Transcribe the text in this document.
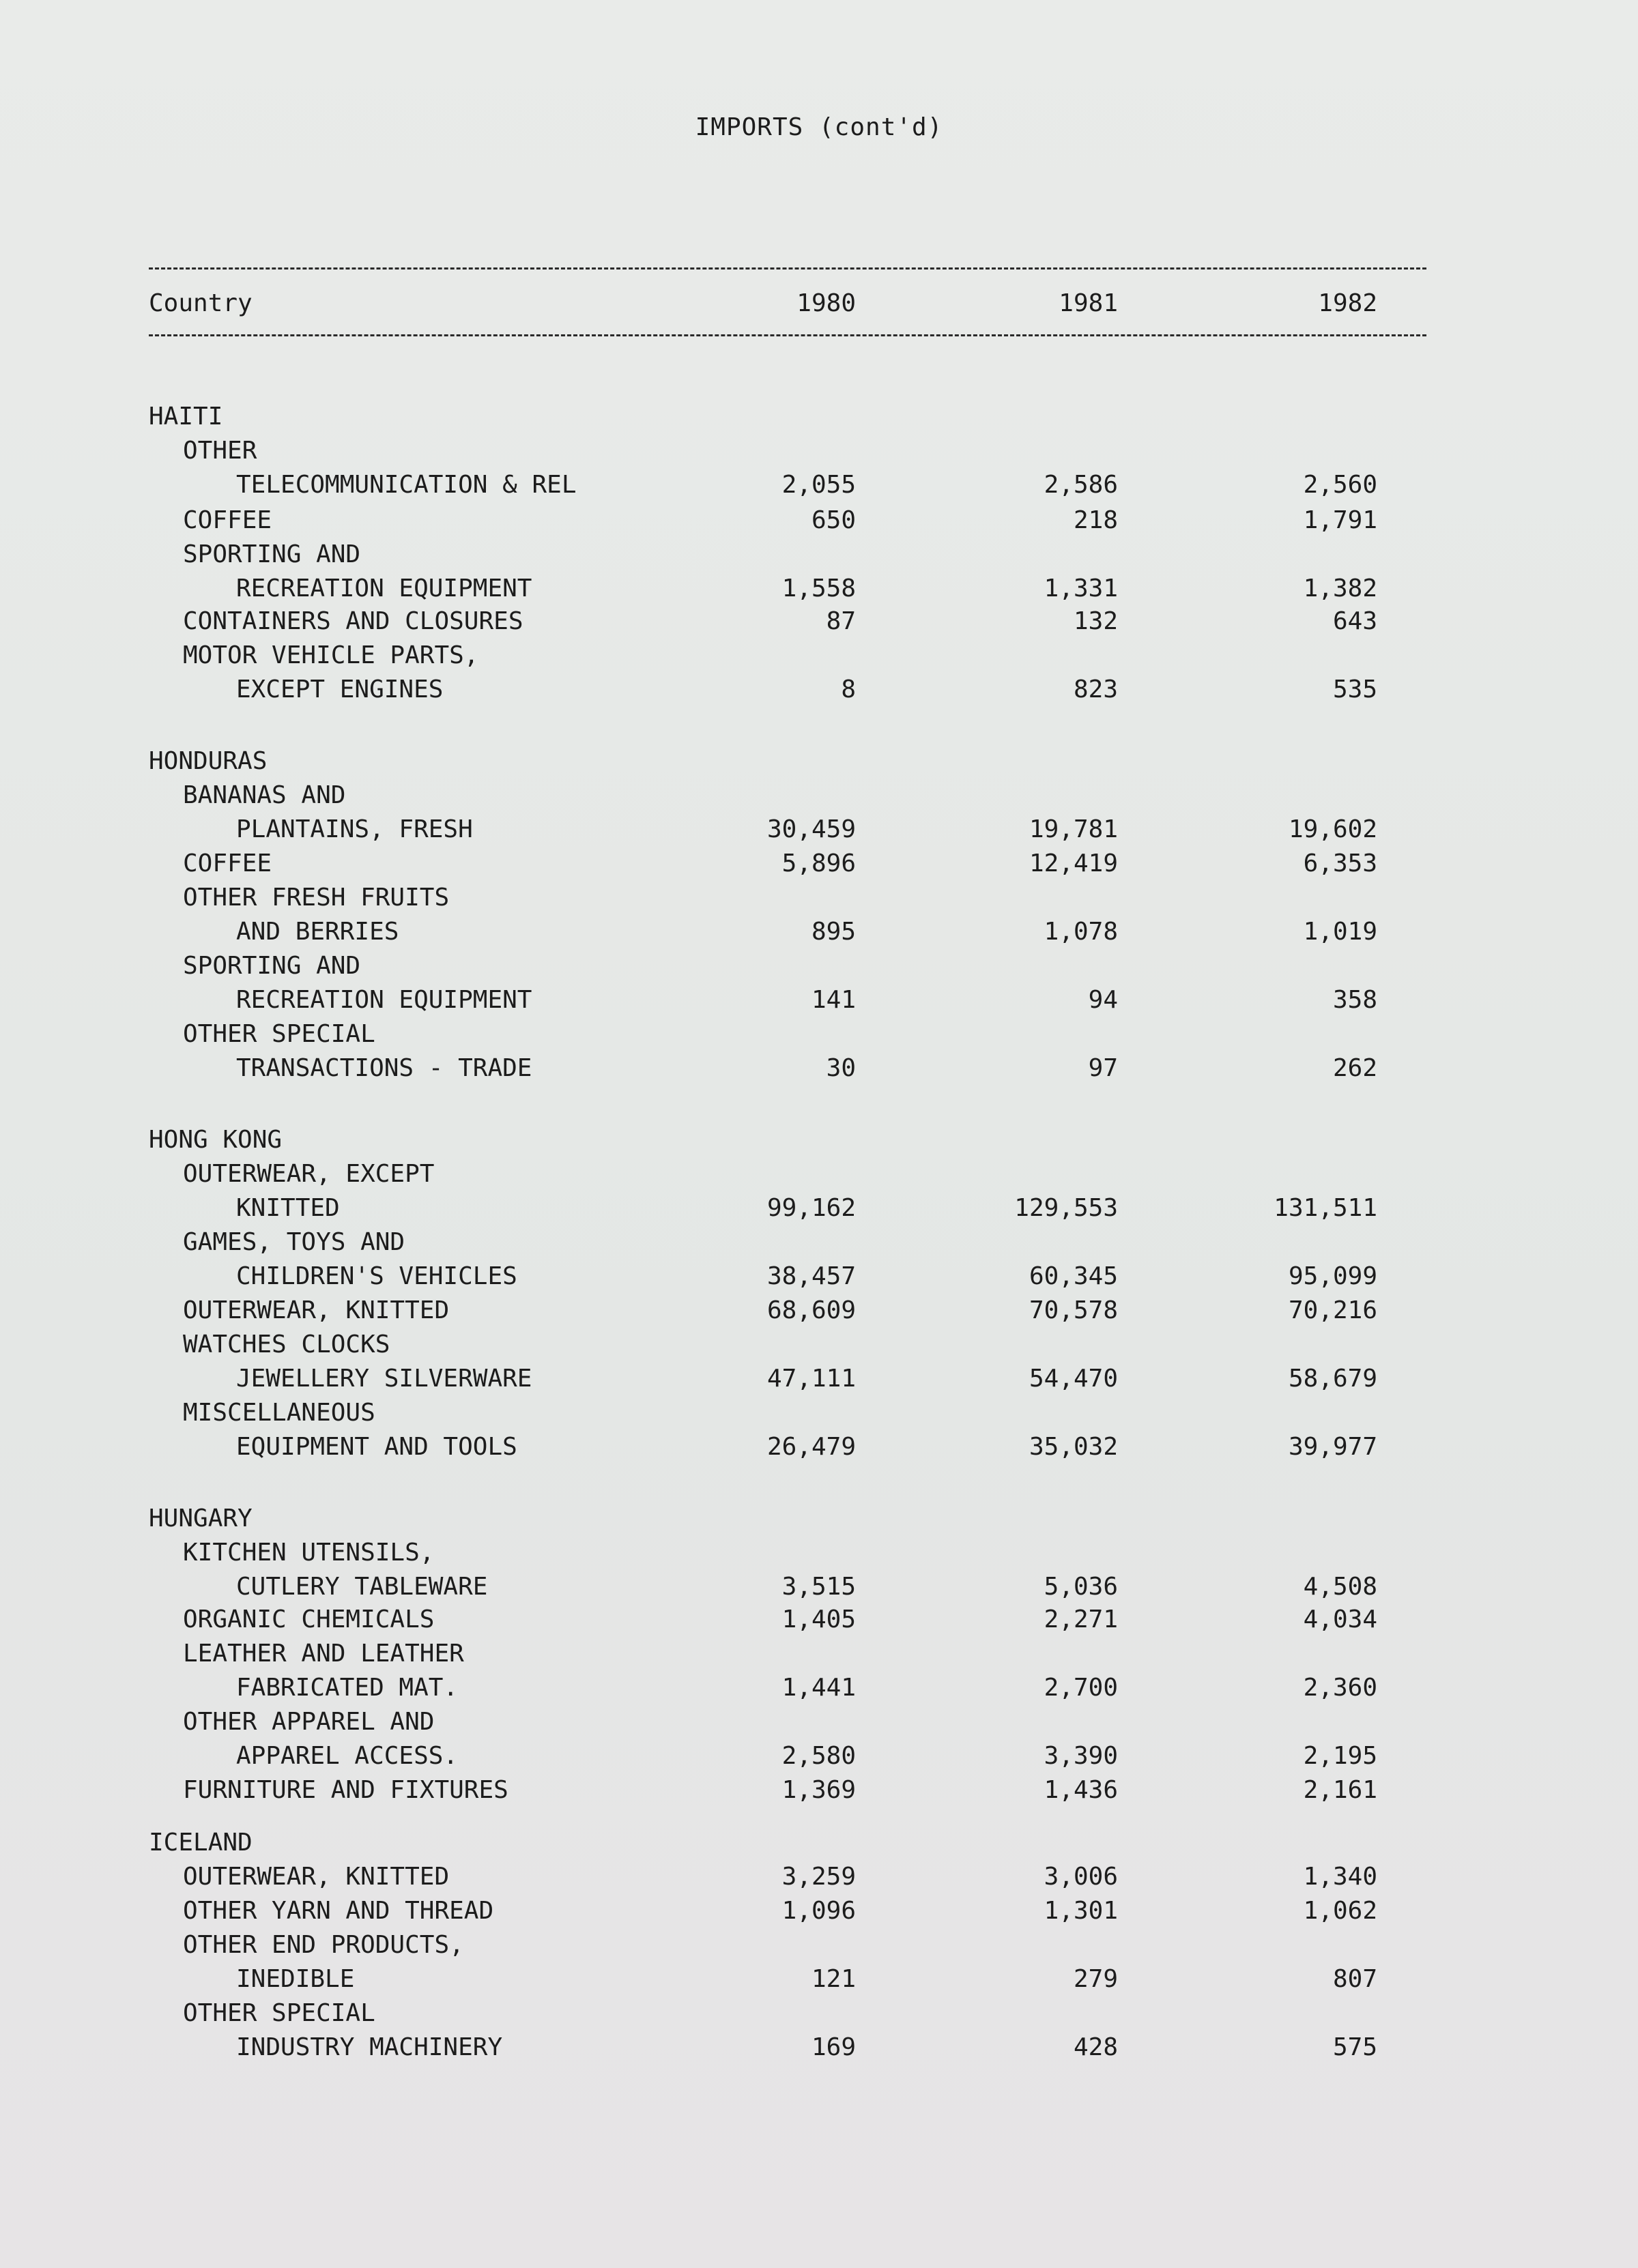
IMPORTS (cont'd)
Country	1980	1981	1982
HAITI
OTHER
TELECOMMUNICATION & REL	2,055	2,586	2,560
COFFEE	650	218	1,791
SPORTING AND
RECREATION EQUIPMENT	1,558	1,331	1,382
CONTAINERS AND CLOSURES	87	132	643
MOTOR VEHICLE PARTS,
EXCEPT ENGINES	8	823	535
HONDURAS
BANANAS AND
PLANTAINS, FRESH	30,459	19,781	19,602
COFFEE	5,896	12,419	6,353
OTHER FRESH FRUITS
AND BERRIES	895	1,078	1,019
SPORTING AND
RECREATION EQUIPMENT	141	94	358
OTHER SPECIAL
TRANSACTIONS - TRADE	30	97	262
HONG KONG
OUTERWEAR, EXCEPT
KNITTED	99,162	129,553	131,511
GAMES, TOYS AND
CHILDREN'S VEHICLES	38,457	60,345	95,099
OUTERWEAR, KNITTED	68,609	70,578	70,216
WATCHES CLOCKS
JEWELLERY SILVERWARE	47,111	54,470	58,679
MISCELLANEOUS
EQUIPMENT AND TOOLS	26,479	35,032	39,977
HUNGARY
KITCHEN UTENSILS,
CUTLERY TABLEWARE	3,515	5,036	4,508
ORGANIC CHEMICALS	1,405	2,271	4,034
LEATHER AND LEATHER
FABRICATED MAT.	1,441	2,700	2,360
OTHER APPAREL AND
APPAREL ACCESS.	2,580	3,390	2,195
FURNITURE AND FIXTURES	1,369	1,436	2,161
ICELAND
OUTERWEAR, KNITTED	3,259	3,006	1,340
OTHER YARN AND THREAD	1,096	1,301	1,062
OTHER END PRODUCTS,
INEDIBLE	121	279	807
OTHER SPECIAL
INDUSTRY MACHINERY	169	428	575
